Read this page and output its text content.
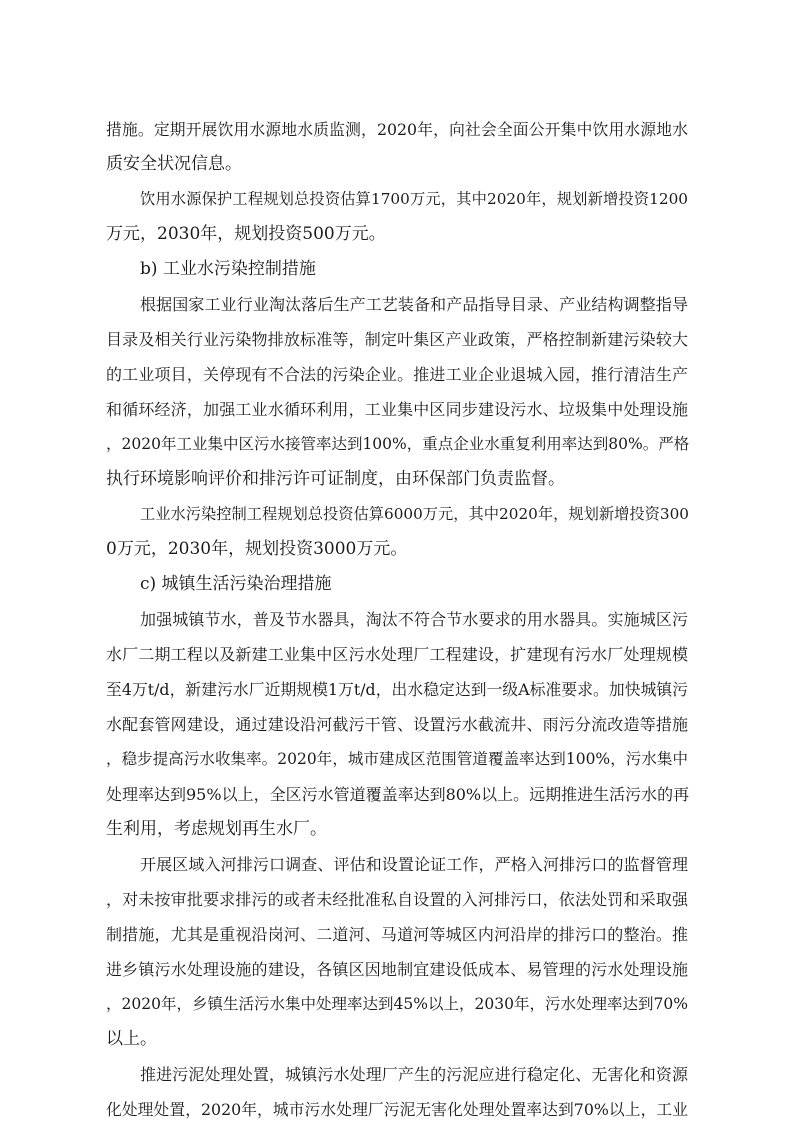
措施。定期开展饮用水源地水质监测，2020年，向社会全面公开集中饮用水源地水
质安全状况信息。
饮用水源保护工程规划总投资估算1700万元，其中2020年，规划新增投资1200
万元，2030年，规划投资500万元。
b) 工业水污染控制措施
根据国家工业行业淘汰落后生产工艺装备和产品指导目录、产业结构调整指导
目录及相关行业污染物排放标准等，制定叶集区产业政策，严格控制新建污染较大
的工业项目，关停现有不合法的污染企业。推进工业企业退城入园，推行清洁生产
和循环经济，加强工业水循环利用，工业集中区同步建设污水、垃圾集中处理设施
，2020年工业集中区污水接管率达到100%，重点企业水重复利用率达到80%。严格
执行环境影响评价和排污许可证制度，由环保部门负责监督。
工业水污染控制工程规划总投资估算6000万元，其中2020年，规划新增投资300
0万元，2030年，规划投资3000万元。
c) 城镇生活污染治理措施
加强城镇节水，普及节水器具，淘汰不符合节水要求的用水器具。实施城区污
水厂二期工程以及新建工业集中区污水处理厂工程建设，扩建现有污水厂处理规模
至4万t/d，新建污水厂近期规模1万t/d，出水稳定达到一级A标准要求。加快城镇污
水配套管网建设，通过建设沿河截污干管、设置污水截流井、雨污分流改造等措施
，稳步提高污水收集率。2020年，城市建成区范围管道覆盖率达到100%，污水集中
处理率达到95%以上，全区污水管道覆盖率达到80%以上。远期推进生活污水的再
生利用，考虑规划再生水厂。
开展区域入河排污口调查、评估和设置论证工作，严格入河排污口的监督管理
，对未按审批要求排污的或者未经批准私自设置的入河排污口，依法处罚和采取强
制措施，尤其是重视沿岗河、二道河、马道河等城区内河沿岸的排污口的整治。推
进乡镇污水处理设施的建设，各镇区因地制宜建设低成本、易管理的污水处理设施
，2020年，乡镇生活污水集中处理率达到45%以上，2030年，污水处理率达到70%
以上。
推进污泥处理处置，城镇污水处理厂产生的污泥应进行稳定化、无害化和资源
化处理处置，2020年，城市污水处理厂污泥无害化处理处置率达到70%以上，工业
